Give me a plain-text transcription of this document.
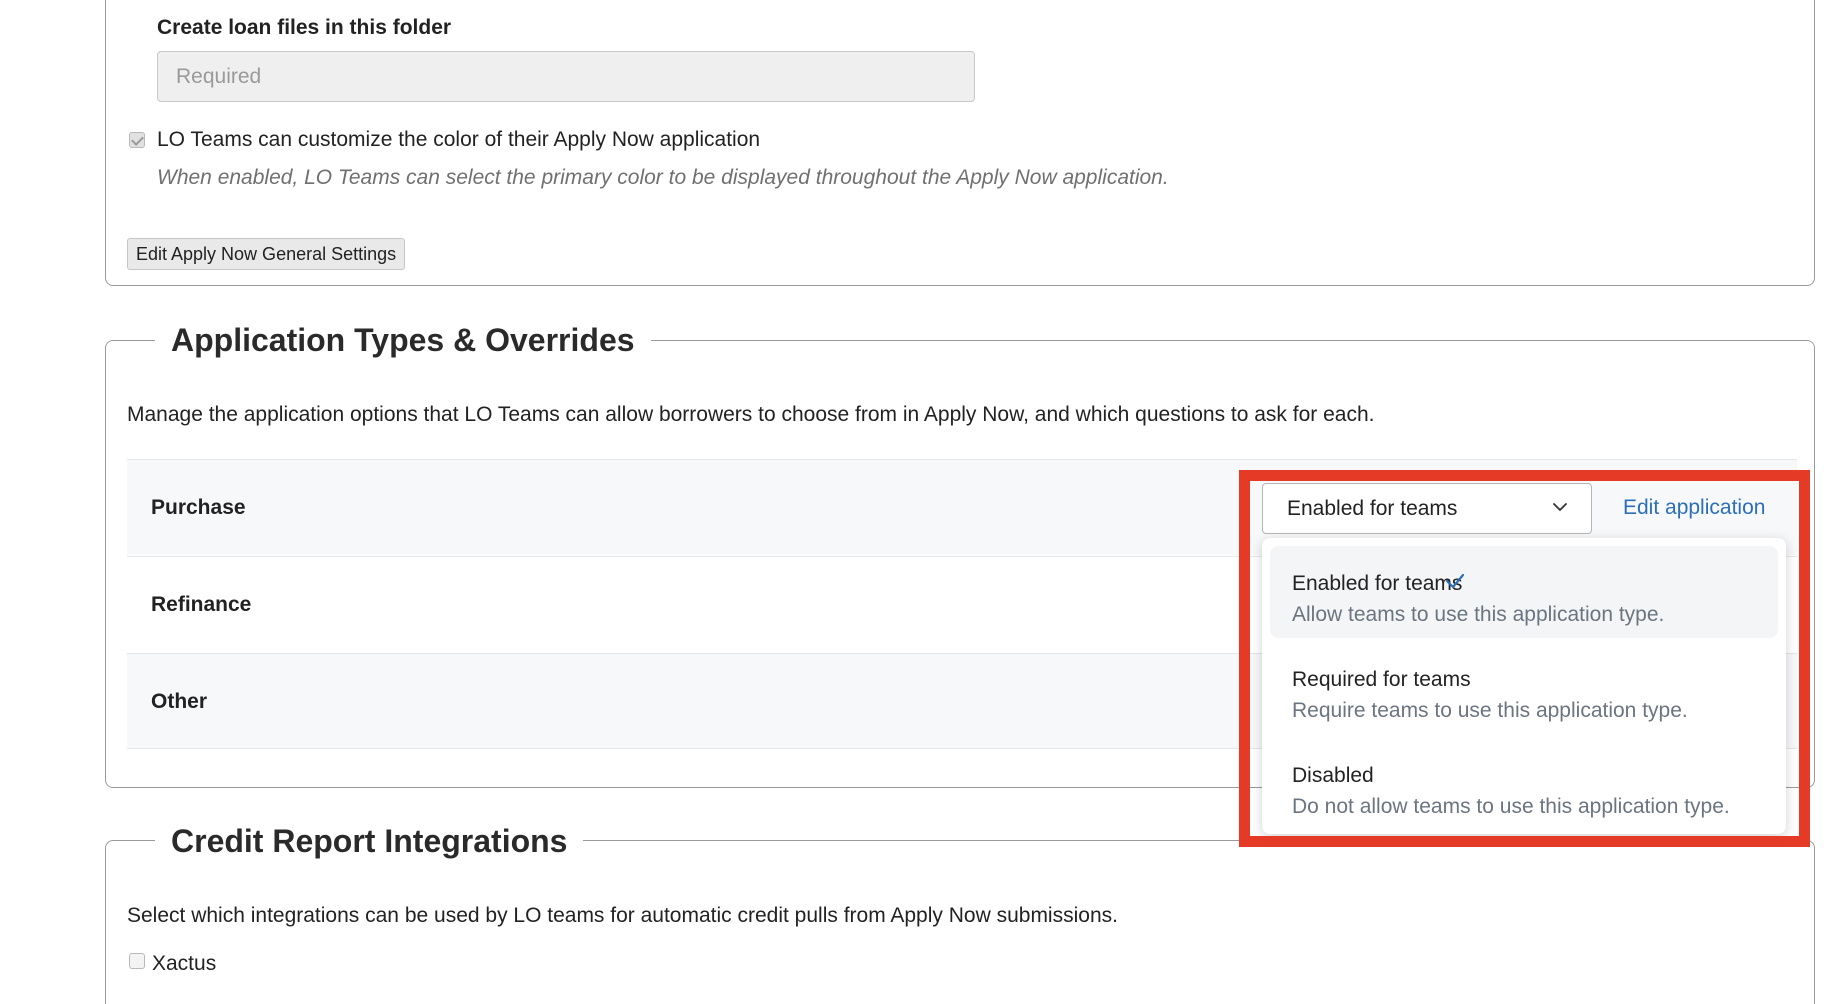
Create loan files in this folder
Required
LO Teams can customize the color of their Apply Now application
When enabled, LO Teams can select the primary color to be displayed throughout the Apply Now application.
Edit Apply Now General Settings
Application Types & Overrides
Manage the application options that LO Teams can allow borrowers to choose from in Apply Now, and which questions to ask for each.
Purchase
Refinance
Other
Enabled for teams	Edit application
Enabled for teams
Allow teams to use this application type.
Required for teams
Require teams to use this application type.
Disabled
Do not allow teams to use this application type.
Credit Report Integrations
Select which integrations can be used by LO teams for automatic credit pulls from Apply Now submissions.
Xactus
